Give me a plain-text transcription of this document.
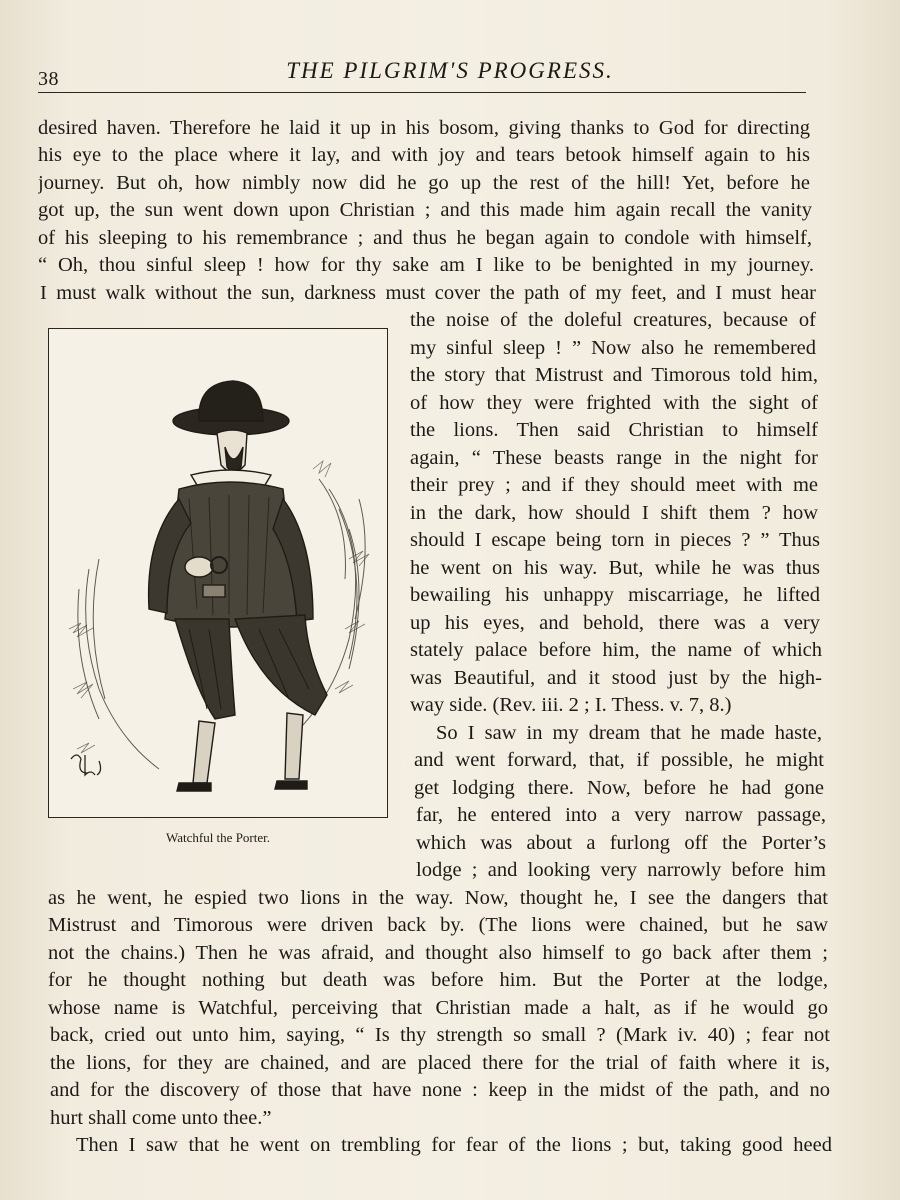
38	THE PILGRIM'S PROGRESS.
desired haven. Therefore he laid it up in his bosom, giving thanks to God for directing
his eye to the place where it lay, and with joy and tears betook himself again to his
journey. But oh, how nimbly now did he go up the rest of the hill! Yet, before he
got up, the sun went down upon Christian ; and this made him again recall the vanity
of his sleeping to his remembrance ; and thus he began again to condole with himself,
“ Oh, thou sinful sleep ! how for thy sake am I like to be benighted in my journey.
I must walk without the sun, darkness must cover the path of my feet, and I must hear
the noise of the doleful creatures, because of
my sinful sleep ! ” Now also he remembered
the story that Mistrust and Timorous told him,
of how they were frighted with the sight of
the lions. Then said Christian to himself
again, “ These beasts range in the night for
their prey ; and if they should meet with me
in the dark, how should I shift them ? how
should I escape being torn in pieces ? ” Thus
he went on his way. But, while he was thus
bewailing his unhappy miscarriage, he lifted
up his eyes, and behold, there was a very
stately palace before him, the name of which
was Beautiful, and it stood just by the high-
way side. (Rev. iii. 2 ; I. Thess. v. 7, 8.)
So I saw in my dream that he made haste,
and went forward, that, if possible, he might
get lodging there. Now, before he had gone
far, he entered into a very narrow passage,
which was about a furlong off the Porter’s
lodge ; and looking very narrowly before him
as he went, he espied two lions in the way. Now, thought he, I see the dangers that
Mistrust and Timorous were driven back by. (The lions were chained, but he saw
not the chains.) Then he was afraid, and thought also himself to go back after them ;
for he thought nothing but death was before him. But the Porter at the lodge,
whose name is Watchful, perceiving that Christian made a halt, as if he would go
back, cried out unto him, saying, “ Is thy strength so small ? (Mark iv. 40) ; fear not
the lions, for they are chained, and are placed there for the trial of faith where it is,
and for the discovery of those that have none : keep in the midst of the path, and no
hurt shall come unto thee.”
Then I saw that he went on trembling for fear of the lions ; but, taking good heed
Watchful the Porter.
